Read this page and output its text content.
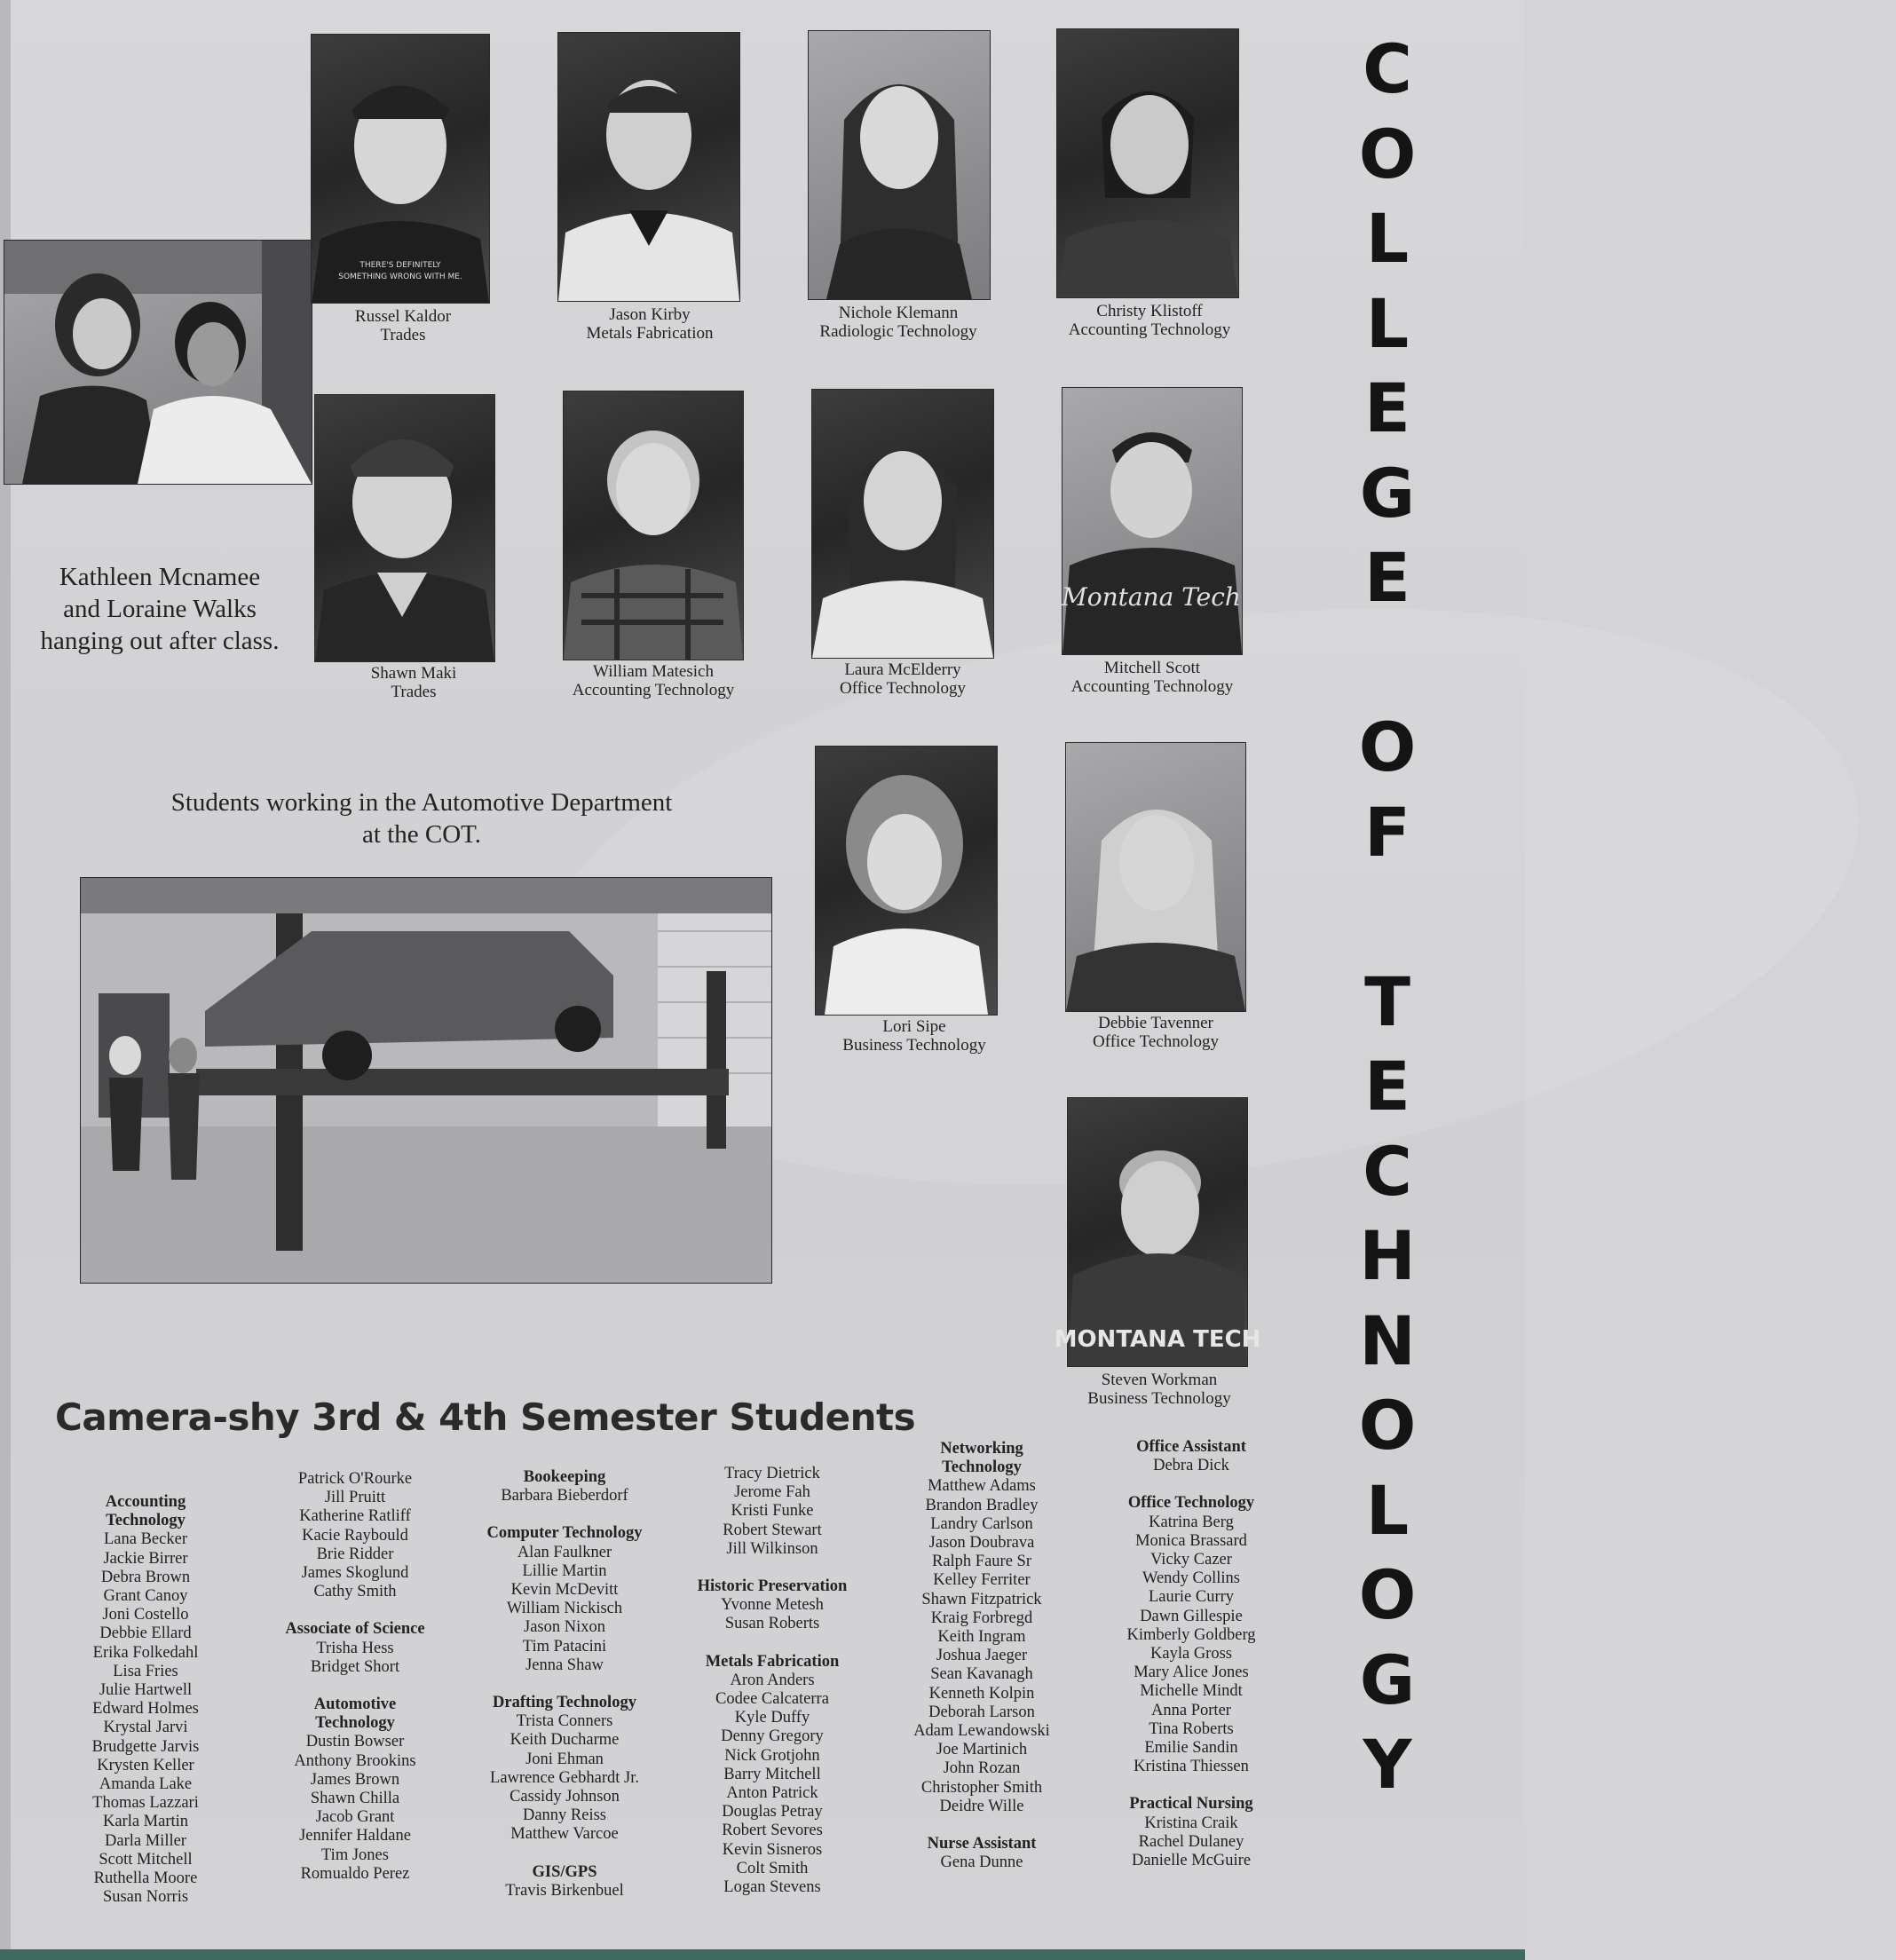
Kathleen Mcnamee
and Loraine Walks
hanging out after class.
THERE'S DEFINITELY
SOMETHING WRONG WITH ME.
Russel Kaldor
Trades
Jason Kirby
Metals Fabrication
Nichole Klemann
Radiologic Technology
Christy Klistoff
Accounting Technology
Shawn Maki
Trades
William Matesich
Accounting Technology
Laura McElderry
Office Technology
Montana Tech
Mitchell Scott
Accounting Technology
Students working in the Automotive Department
at the COT.
Lori Sipe
Business Technology
Debbie Tavenner
Office Technology
MONTANA TECH
Steven Workman
Business Technology
C
O
L
L
E
G
E
O
F
T
E
C
H
N
O
L
O
G
Y
Camera-shy 3rd & 4th Semester Students
Accounting
Technology
Lana Becker
Jackie Birrer
Debra Brown
Grant Canoy
Joni Costello
Debbie Ellard
Erika Folkedahl
Lisa Fries
Julie Hartwell
Edward Holmes
Krystal Jarvi
Brudgette Jarvis
Krysten Keller
Amanda Lake
Thomas Lazzari
Karla Martin
Darla Miller
Scott Mitchell
Ruthella Moore
Susan Norris
Patrick O'Rourke
Jill Pruitt
Katherine Ratliff
Kacie Raybould
Brie Ridder
James Skoglund
Cathy Smith
Associate of Science
Trisha Hess
Bridget Short
Automotive
Technology
Dustin Bowser
Anthony Brookins
James Brown
Shawn Chilla
Jacob Grant
Jennifer Haldane
Tim Jones
Romualdo Perez
Bookeeping
Barbara Bieberdorf
Computer Technology
Alan Faulkner
Lillie Martin
Kevin McDevitt
William Nickisch
Jason Nixon
Tim Patacini
Jenna Shaw
Drafting Technology
Trista Conners
Keith Ducharme
Joni Ehman
Lawrence Gebhardt Jr.
Cassidy Johnson
Danny Reiss
Matthew Varcoe
GIS/GPS
Travis Birkenbuel
Tracy Dietrick
Jerome Fah
Kristi Funke
Robert Stewart
Jill Wilkinson
Historic Preservation
Yvonne Metesh
Susan Roberts
Metals Fabrication
Aron Anders
Codee Calcaterra
Kyle Duffy
Denny Gregory
Nick Grotjohn
Barry Mitchell
Anton Patrick
Douglas Petray
Robert Sevores
Kevin Sisneros
Colt Smith
Logan Stevens
Networking
Technology
Matthew Adams
Brandon Bradley
Landry Carlson
Jason Doubrava
Ralph Faure Sr
Kelley Ferriter
Shawn Fitzpatrick
Kraig Forbregd
Keith Ingram
Joshua Jaeger
Sean Kavanagh
Kenneth Kolpin
Deborah Larson
Adam Lewandowski
Joe Martinich
John Rozan
Christopher Smith
Deidre Wille
Nurse Assistant
Gena Dunne
Office Assistant
Debra Dick
Office Technology
Katrina Berg
Monica Brassard
Vicky Cazer
Wendy Collins
Laurie Curry
Dawn Gillespie
Kimberly Goldberg
Kayla Gross
Mary Alice Jones
Michelle Mindt
Anna Porter
Tina Roberts
Emilie Sandin
Kristina Thiessen
Practical Nursing
Kristina Craik
Rachel Dulaney
Danielle McGuire
